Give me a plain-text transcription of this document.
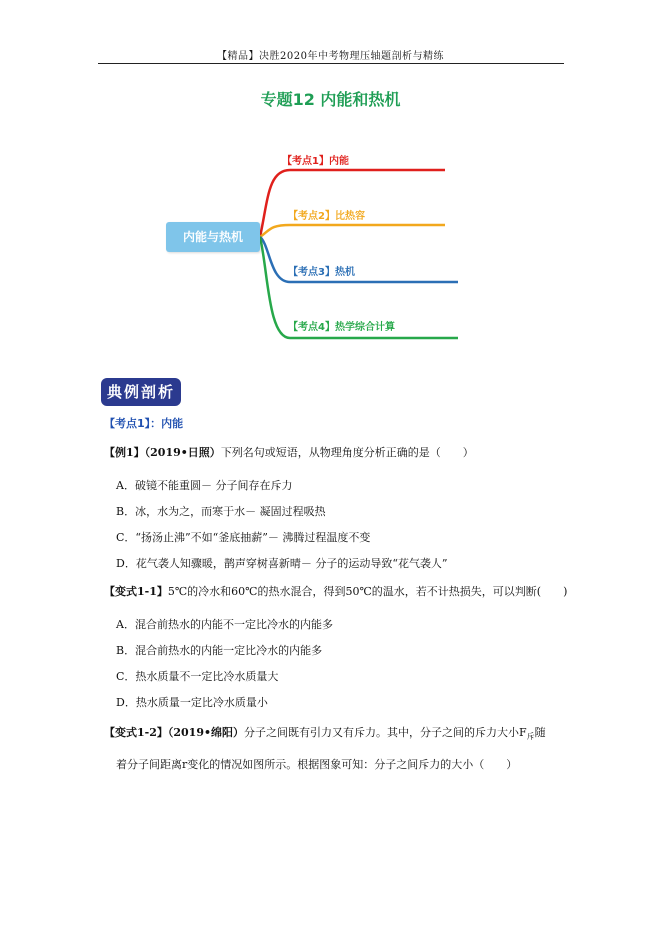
【精品】决胜2020年中考物理压轴题剖析与精练
专题12 内能和热机
内能与热机
【考点1】内能
【考点2】比热容
【考点3】热机
【考点4】热学综合计算
典例剖析
【考点1】：内能
【例1】（2019•日照）下列名句或短语，从物理角度分析正确的是（　　）
A．破镜不能重圆－ 分子间存在斥力
B．冰，水为之，而寒于水－ 凝固过程吸热
C．“扬汤止沸”不如“釜底抽薪”－ 沸腾过程温度不变
D．花气袭人知骤暖，鹊声穿树喜新晴－ 分子的运动导致“花气袭人”
【变式1-1】5℃的冷水和60℃的热水混合，得到50℃的温水，若不计热损失，可以判断(　　)
A．混合前热水的内能不一定比冷水的内能多
B．混合前热水的内能一定比冷水的内能多
C．热水质量不一定比冷水质量大
D．热水质量一定比冷水质量小
【变式1-2】（2019•绵阳）分子之间既有引力又有斥力。其中，分子之间的斥力大小$F_斥$随
着分子间距离r变化的情况如图所示。根据图象可知：分子之间斥力的大小（　　）
